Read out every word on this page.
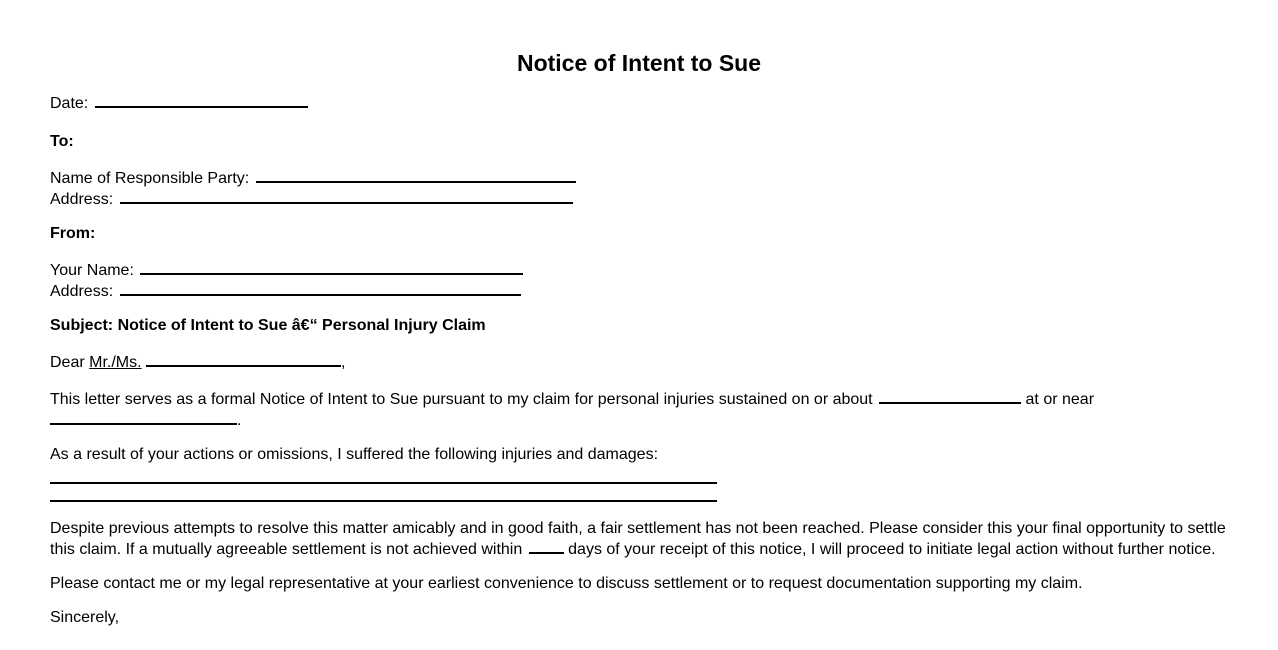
Notice of Intent to Sue

Date:

To:

Name of Responsible Party:
Address:

From:

Your Name:
Address:

Subject: Notice of Intent to Sue â€“ Personal Injury Claim

Dear Mr./Ms.	,

This letter serves as a formal Notice of Intent to Sue pursuant to my claim for personal injuries sustained on or about	at or near
.

As a result of your actions or omissions, I suffered the following injuries and damages:

Despite previous attempts to resolve this matter amicably and in good faith, a fair settlement has not been reached. Please consider this your final opportunity to settle this claim. If a mutually agreeable settlement is not achieved within	days of your receipt of this notice, I will proceed to initiate legal action without further notice.

Please contact me or my legal representative at your earliest convenience to discuss settlement or to request documentation supporting my claim.

Sincerely,
